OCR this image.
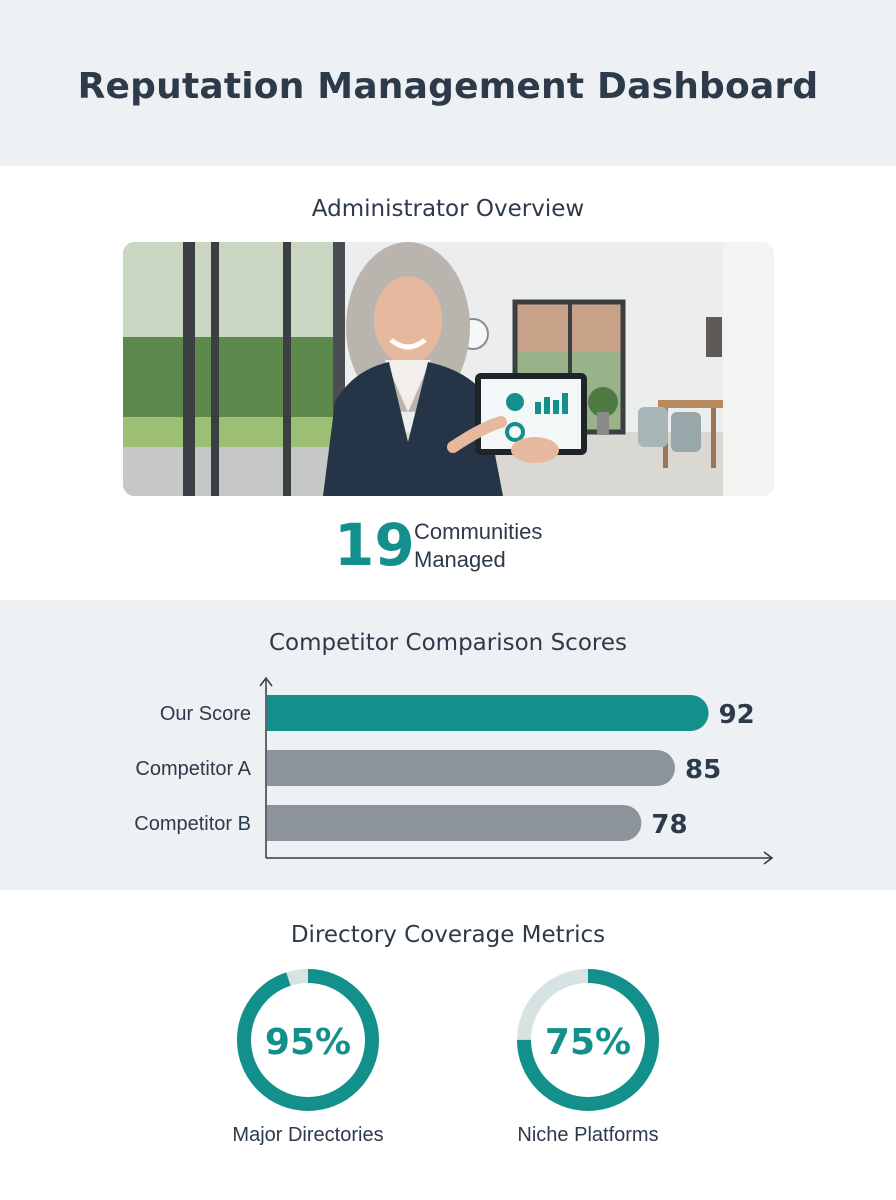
Reputation Management Dashboard
Administrator Overview
19 Communities
Managed
Competitor Comparison Scores
Our Score	92
Competitor A	85
Competitor B	78
Directory Coverage Metrics
95%	75%
Major Directories	Niche Platforms
